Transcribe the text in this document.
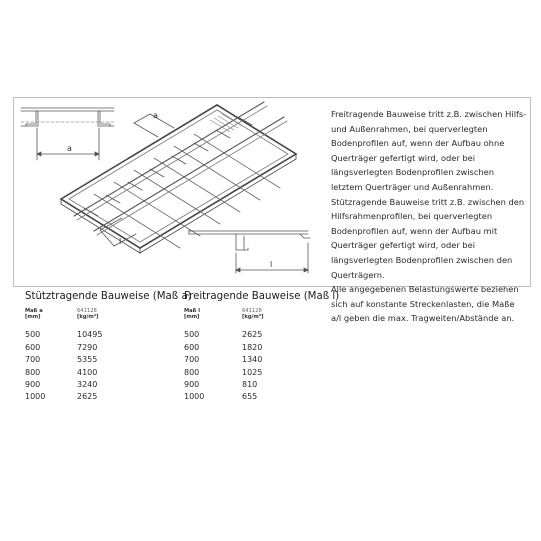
a
a
l
l

Freitragende Bauweise tritt z.B. zwischen Hilfs- und Außenrahmen, bei querverlegten Bodenprofilen auf, wenn der Aufbau ohne Querträger gefertigt wird, oder bei längsverlegten Bodenprofilen zwischen letztem Querträger und Außenrahmen.

Stützragende Bauweise tritt z.B. zwischen den Hilfsrahmenprofilen, bei querverlegten Bodenprofilen auf, wenn der Aufbau mit Querträger gefertigt wird, oder bei längsverlegten Bodenprofilen zwischen den Querträgern.

Alle angegebenen Belastungswerte beziehen sich auf konstante Streckenlasten, die Maße a/l geben die max. Tragweiten/Abstände an.

Stütztragende Bauweise (Maß a)
Maß a
[mm]	641128
[kg/m²]

500	10495
600	7290
700	5355
800	4100
900	3240
1000	2625
Freitragende Bauweise (Maß l)
Maß l
[mm]	641128
[kg/m²]

500	2625
600	1820
700	1340
800	1025
900	810
1000	655
